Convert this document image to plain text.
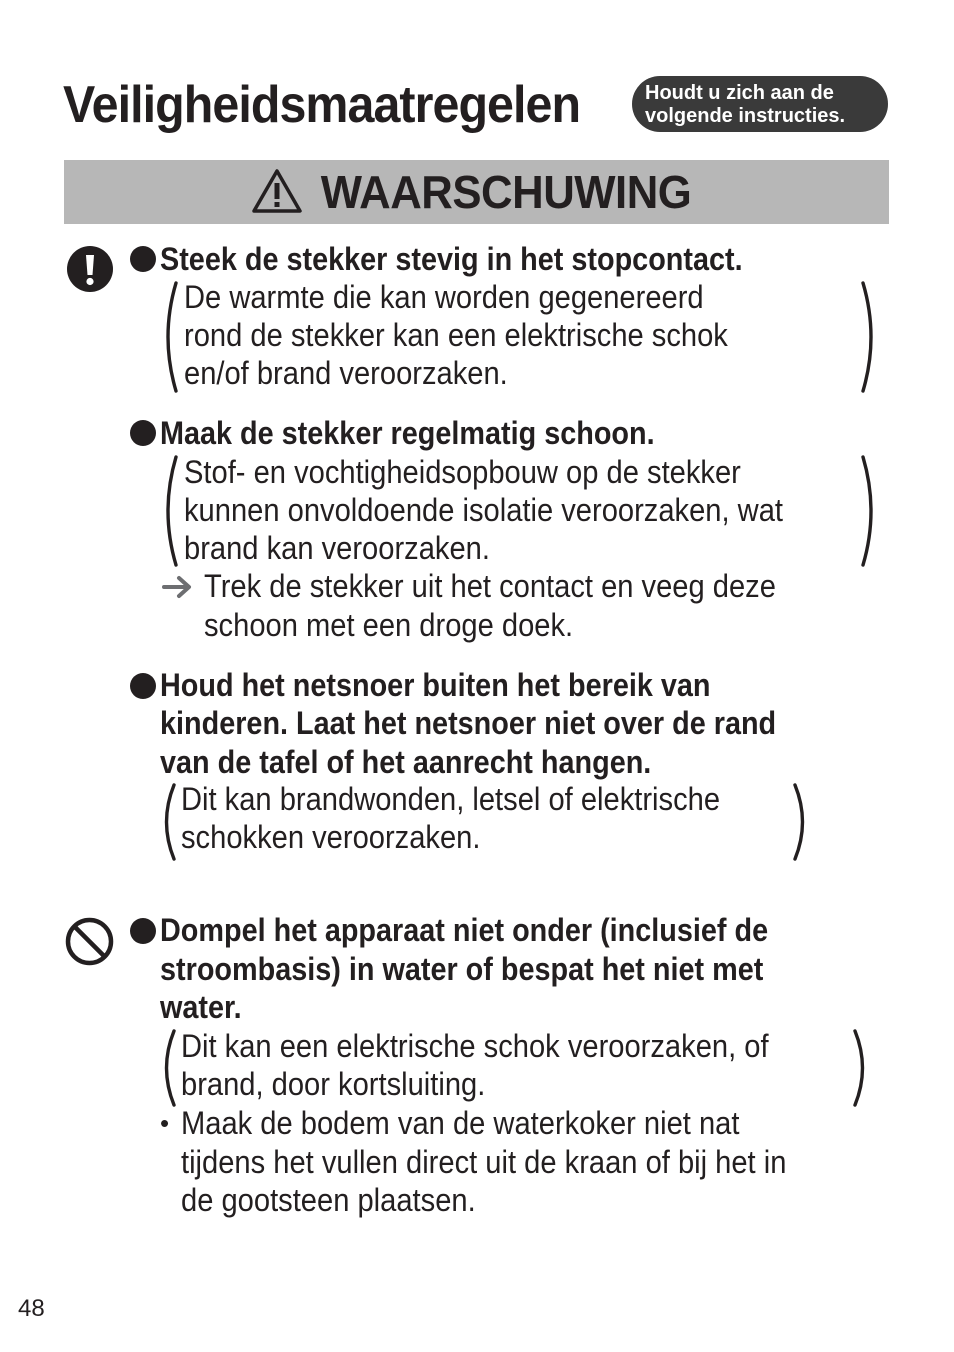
Veiligheidsmaatregelen	Houdt u zich aan de
volgende instructies.
WAARSCHUWING
Steek de stekker stevig in het stopcontact.
De warmte die kan worden gegenereerd
rond de stekker kan een elektrische schok
en/of brand veroorzaken.
Maak de stekker regelmatig schoon.
Stof- en vochtigheidsopbouw op de stekker
kunnen onvoldoende isolatie veroorzaken, wat
brand kan veroorzaken.
Trek de stekker uit het contact en veeg deze
schoon met een droge doek.
Houd het netsnoer buiten het bereik van
kinderen. Laat het netsnoer niet over de rand
van de tafel of het aanrecht hangen.
Dit kan brandwonden, letsel of elektrische
schokken veroorzaken.
Dompel het apparaat niet onder (inclusief de
stroombasis) in water of bespat het niet met
water.
Dit kan een elektrische schok veroorzaken, of
brand, door kortsluiting.
• Maak de bodem van de waterkoker niet nat
tijdens het vullen direct uit de kraan of bij het in
de gootsteen plaatsen.
48
